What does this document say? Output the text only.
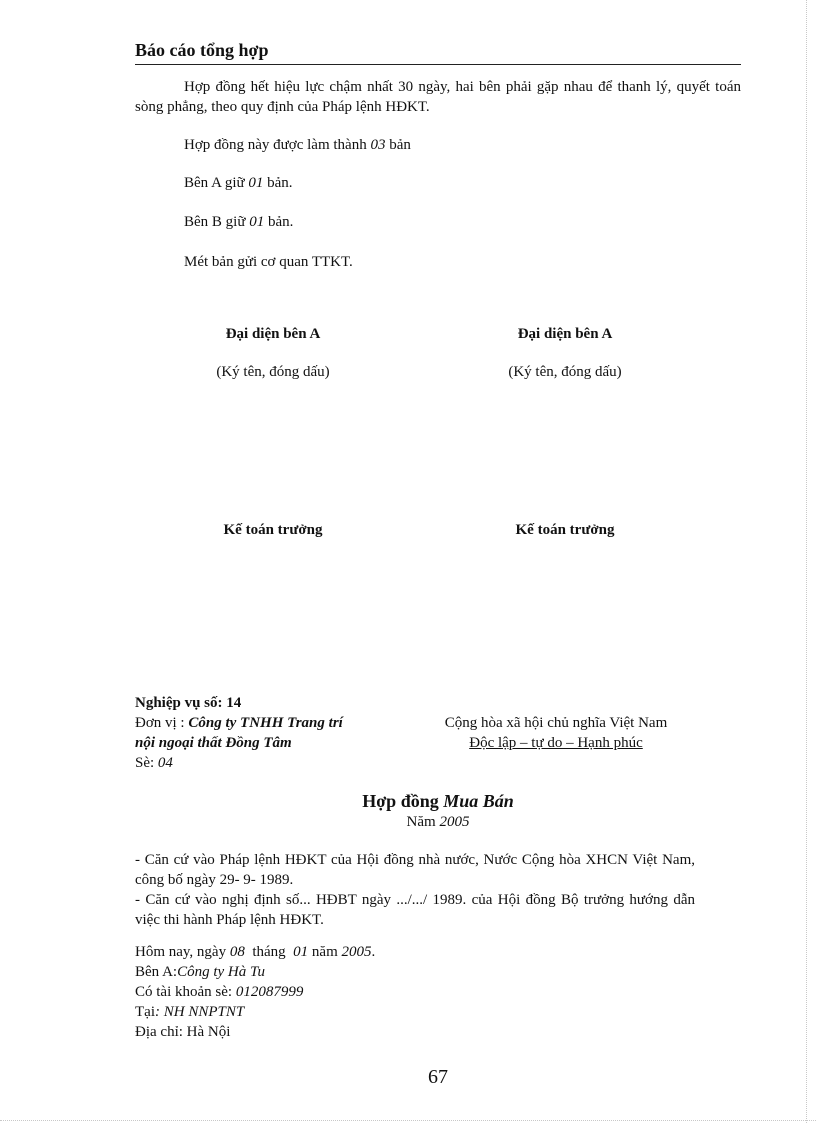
Báo cáo tổng hợp
Hợp đồng hết hiệu lực chậm nhất 30 ngày, hai bên phải gặp nhau để thanh lý, quyết toán sòng phẳng, theo quy định của Pháp lệnh HĐKT.
Hợp đồng này được làm thành 03 bản
Bên A giữ 01 bản.
Bên B giữ 01 bản.
Mét bản gửi cơ quan TTKT.
Đại diện bên A	Đại diện bên A
(Ký tên, đóng dấu)	(Ký tên, đóng dấu)
Kế toán trưởng	Kế toán trưởng
Nghiệp vụ số: 14
Đơn vị : Công ty TNHH Trang trí
nội ngoại thất Đồng Tâm
Sè: 04
Cộng hòa xã hội chủ nghĩa Việt Nam
Độc lập – tự do – Hạnh phúc
Hợp đồng Mua Bán
Năm 2005
- Căn cứ vào Pháp lệnh HĐKT của Hội đồng nhà nước, Nước Cộng hòa XHCN Việt Nam, công bố ngày 29- 9- 1989.
- Căn cứ vào nghị định số... HĐBT ngày .../.../ 1989. của Hội đồng Bộ trưởng hướng dẫn việc thi hành Pháp lệnh HĐKT.
Hôm nay, ngày 08  tháng  01 năm 2005.
Bên A:Công ty Hà Tu
Có tài khoản sè: 012087999
Tại: NH NNPTNT
Địa chỉ: Hà Nội
67
